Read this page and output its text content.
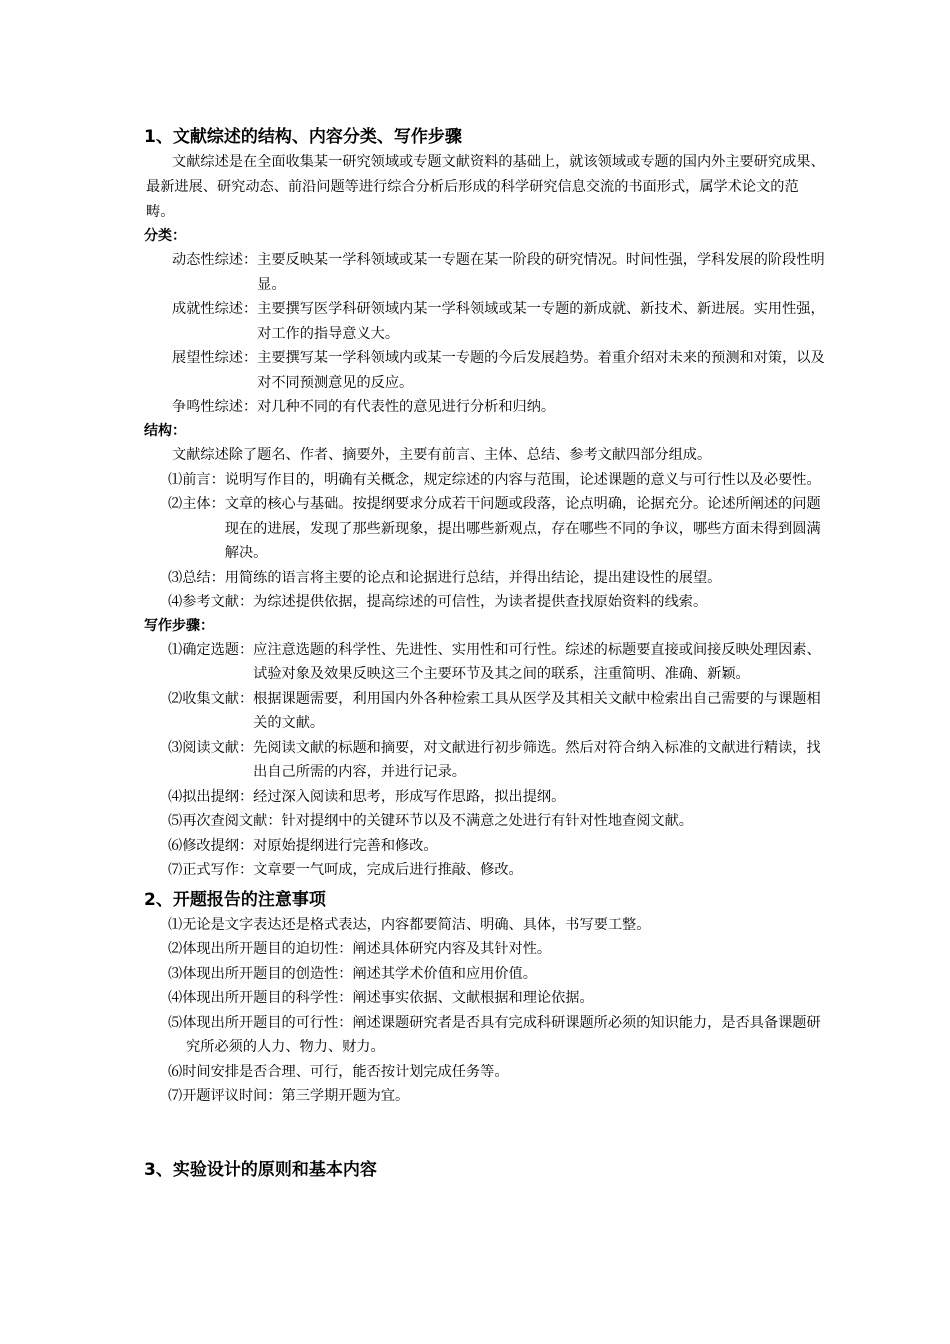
1、文献综述的结构、内容分类、写作步骤

文献综述是在全面收集某一研究领域或专题文献资料的基础上，就该领域或专题的国内外主要研究成果、最新进展、研究动态、前沿问题等进行综合分析后形成的科学研究信息交流的书面形式，属学术论文的范畴。

分类：
动态性综述： 主要反映某一学科领域或某一专题在某一阶段的研究情况。时间性强，学科发展的阶段性明显。
成就性综述： 主要撰写医学科研领域内某一学科领域或某一专题的新成就、新技术、新进展。实用性强，对工作的指导意义大。
展望性综述： 主要撰写某一学科领域内或某一专题的今后发展趋势。着重介绍对未来的预测和对策，以及对不同预测意见的反应。
争鸣性综述： 对几种不同的有代表性的意见进行分析和归纳。
结构：

文献综述除了题名、作者、摘要外，主要有前言、主体、总结、参考文献四部分组成。

⑴前言： 说明写作目的，明确有关概念，规定综述的内容与范围，论述课题的意义与可行性以及必要性。
⑵主体： 文章的核心与基础。按提纲要求分成若干问题或段落，论点明确，论据充分。论述所阐述的问题现在的进展，发现了那些新现象，提出哪些新观点，存在哪些不同的争议，哪些方面未得到圆满解决。
⑶总结： 用简练的语言将主要的论点和论据进行总结，并得出结论，提出建设性的展望。
⑷参考文献： 为综述提供依据，提高综述的可信性，为读者提供查找原始资料的线索。
写作步骤：
⑴确定选题： 应注意选题的科学性、先进性、实用性和可行性。综述的标题要直接或间接反映处理因素、试验对象及效果反映这三个主要环节及其之间的联系，注重简明、准确、新颖。
⑵收集文献： 根据课题需要，利用国内外各种检索工具从医学及其相关文献中检索出自己需要的与课题相关的文献。
⑶阅读文献： 先阅读文献的标题和摘要，对文献进行初步筛选。然后对符合纳入标准的文献进行精读，找出自己所需的内容，并进行记录。
⑷拟出提纲： 经过深入阅读和思考，形成写作思路，拟出提纲。
⑸再次查阅文献： 针对提纲中的关键环节以及不满意之处进行有针对性地查阅文献。
⑹修改提纲： 对原始提纲进行完善和修改。
⑺正式写作： 文章要一气呵成，完成后进行推敲、修改。
2、开题报告的注意事项

⑴无论是文字表达还是格式表达，内容都要简洁、明确、具体，书写要工整。

⑵体现出所开题目的迫切性：阐述具体研究内容及其针对性。

⑶体现出所开题目的创造性：阐述其学术价值和应用价值。

⑷体现出所开题目的科学性：阐述事实依据、文献根据和理论依据。

⑸体现出所开题目的可行性：阐述课题研究者是否具有完成科研课题所必须的知识能力，是否具备课题研究所必须的人力、物力、财力。

⑹时间安排是否合理、可行，能否按计划完成任务等。

⑺开题评议时间：第三学期开题为宜。

3、实验设计的原则和基本内容
